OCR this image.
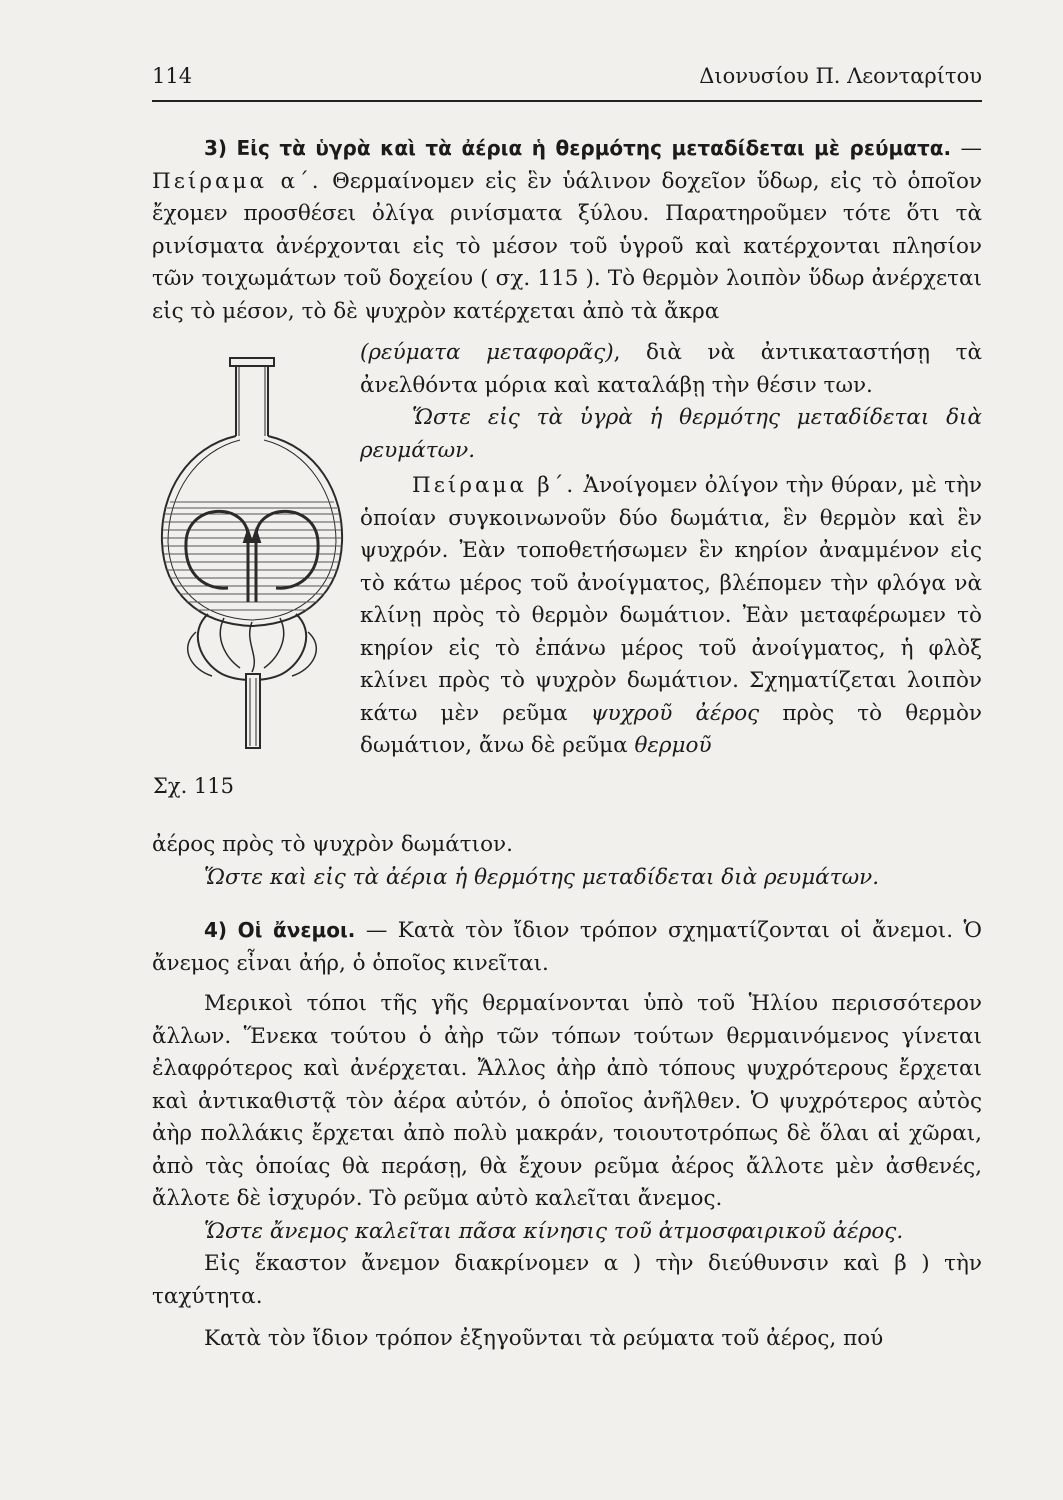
114	Διονυσίου Π. Λεονταρίτου

3) Εἰς τὰ ὑγρὰ καὶ τὰ ἀέρια ἡ θερμότης μεταδίδεται μὲ ρεύματα. — Πείραμα α΄. Θερμαίνομεν εἰς ἓν ὑάλινον δοχεῖον ὕδωρ, εἰς τὸ ὁποῖον ἔχομεν προσθέσει ὀλίγα ρινίσματα ξύλου. Παρατηροῦμεν τότε ὅτι τὰ ρινίσματα ἀνέρχονται εἰς τὸ μέσον τοῦ ὑγροῦ καὶ κατέρχονται πλησίον τῶν τοιχωμάτων τοῦ δοχείου ( σχ. 115 ). Τὸ θερμὸν λοιπὸν ὕδωρ ἀνέρχεται εἰς τὸ μέσον, τὸ δὲ ψυχρὸν κατέρχεται ἀπὸ τὰ ἄκρα

Σχ. 115

(ρεύματα μεταφορᾶς), διὰ νὰ ἀντικαταστήσῃ τὰ ἀνελθόντα μόρια καὶ καταλάβῃ τὴν θέσιν των.

Ὥστε εἰς τὰ ὑγρὰ ἡ θερμότης μεταδίδεται διὰ ρευμάτων.

Πείραμα β΄. Ἀνοίγομεν ὀλίγον τὴν θύραν, μὲ τὴν ὁποίαν συγκοινωνοῦν δύο δωμάτια, ἓν θερμὸν καὶ ἓν ψυχρόν. Ἐὰν τοποθετήσωμεν ἓν κηρίον ἀναμμένον εἰς τὸ κάτω μέρος τοῦ ἀνοίγματος, βλέπομεν τὴν φλόγα νὰ κλίνῃ πρὸς τὸ θερμὸν δωμάτιον. Ἐὰν μεταφέρωμεν τὸ κηρίον εἰς τὸ ἐπάνω μέρος τοῦ ἀνοίγματος, ἡ φλὸξ κλίνει πρὸς τὸ ψυχρὸν δωμάτιον. Σχηματίζεται λοιπὸν κάτω μὲν ρεῦμα ψυχροῦ ἀέρος πρὸς τὸ θερμὸν δωμάτιον, ἄνω δὲ ρεῦμα θερμοῦ

ἀέρος πρὸς τὸ ψυχρὸν δωμάτιον.

Ὥστε καὶ εἰς τὰ ἀέρια ἡ θερμότης μεταδίδεται διὰ ρευμάτων.

4) Οἱ ἄνεμοι. — Κατὰ τὸν ἴδιον τρόπον σχηματίζονται οἱ ἄνεμοι. Ὁ ἄνεμος εἶναι ἀήρ, ὁ ὁποῖος κινεῖται.

Μερικοὶ τόποι τῆς γῆς θερμαίνονται ὑπὸ τοῦ Ἡλίου περισσότερον ἄλλων. Ἕνεκα τούτου ὁ ἀὴρ τῶν τόπων τούτων θερμαινόμενος γίνεται ἐλαφρότερος καὶ ἀνέρχεται. Ἄλλος ἀὴρ ἀπὸ τόπους ψυχρότερους ἔρχεται καὶ ἀντικαθιστᾷ τὸν ἀέρα αὐτόν, ὁ ὁποῖος ἀνῆλθεν. Ὁ ψυχρότερος αὐτὸς ἀὴρ πολλάκις ἔρχεται ἀπὸ πολὺ μακράν, τοιουτοτρόπως δὲ ὅλαι αἱ χῶραι, ἀπὸ τὰς ὁποίας θὰ περάσῃ, θὰ ἔχουν ρεῦμα ἀέρος ἄλλοτε μὲν ἀσθενές, ἄλλοτε δὲ ἰσχυρόν. Τὸ ρεῦμα αὐτὸ καλεῖται ἄνεμος.

Ὥστε ἄνεμος καλεῖται πᾶσα κίνησις τοῦ ἀτμοσφαιρικοῦ ἀέρος.

Εἰς ἕκαστον ἄνεμον διακρίνομεν α ) τὴν διεύθυνσιν καὶ β ) τὴν ταχύτητα.

Κατὰ τὸν ἴδιον τρόπον ἐξηγοῦνται τὰ ρεύματα τοῦ ἀέρος, πού
